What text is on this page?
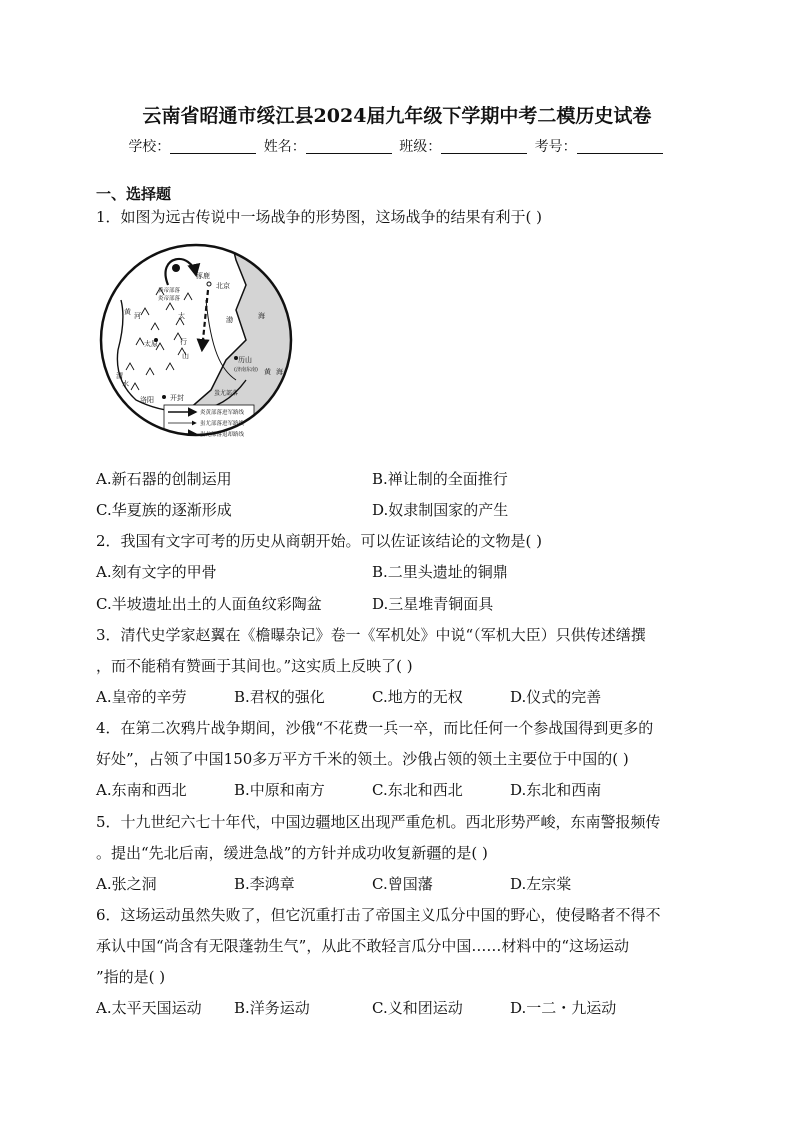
云南省昭通市绥江县2024届九年级下学期中考二模历史试卷
学校：	姓名：	班级：	考号：
一、选择题
1．如图为远古传说中一场战争的形势图，这场战争的结果有利于( )
涿鹿
北京
黄帝部落
炎帝部落
黄 河
太原
太
行
山
渤	海
历山
(济南东南) 黄 海
渭
水
洛阳 开封
蚩尤部落
炎黄部落进军路线
蚩尤部落进军路线
蚩尤部落退却路线
A.新石器的创制运用	B.禅让制的全面推行
C.华夏族的逐渐形成	D.奴隶制国家的产生
2．我国有文字可考的历史从商朝开始。可以佐证该结论的文物是( )
A.刻有文字的甲骨	B.二里头遗址的铜鼎
C.半坡遗址出土的人面鱼纹彩陶盆	D.三星堆青铜面具
3．清代史学家赵翼在《檐曝杂记》卷一《军机处》中说“（军机大臣）只供传述缮撰
，而不能稍有赞画于其间也。”这实质上反映了( )
A.皇帝的辛劳	B.君权的强化	C.地方的无权	D.仪式的完善
4．在第二次鸦片战争期间，沙俄“不花费一兵一卒，而比任何一个参战国得到更多的
好处”，占领了中国150多万平方千米的领土。沙俄占领的领土主要位于中国的( )
A.东南和西北	B.中原和南方	C.东北和西北	D.东北和西南
5．十九世纪六七十年代，中国边疆地区出现严重危机。西北形势严峻，东南警报频传
。提出“先北后南，缓进急战”的方针并成功收复新疆的是( )
A.张之洞	B.李鸿章	C.曾国藩	D.左宗棠
6．这场运动虽然失败了，但它沉重打击了帝国主义瓜分中国的野心，使侵略者不得不
承认中国“尚含有无限蓬勃生气”，从此不敢轻言瓜分中国……材料中的“这场运动
”指的是( )
A.太平天国运动 B.洋务运动	C.义和团运动	D.一二・九运动
